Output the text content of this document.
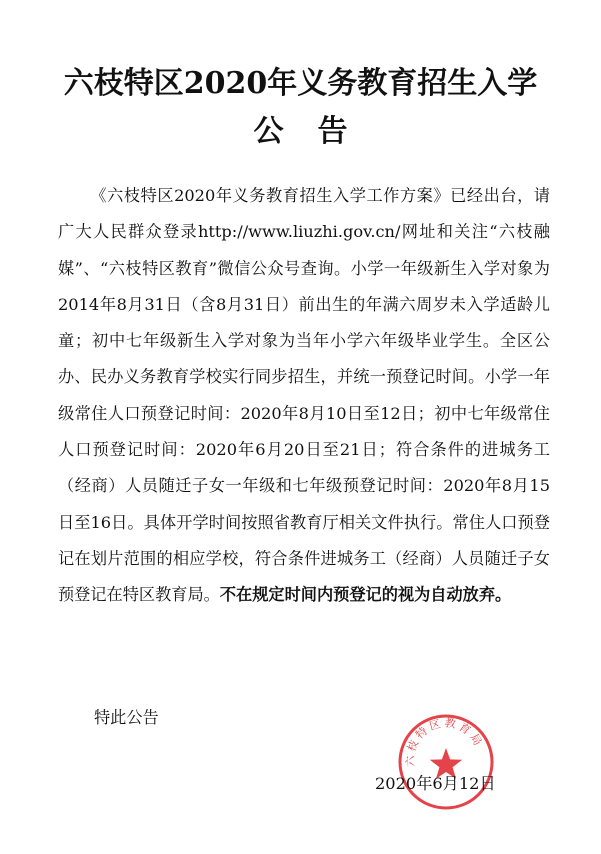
六枝特区2020年义务教育招生入学
公告

《六枝特区2020年义务教育招生入学工作方案》已经出台，请广大人民群众登录http://www.liuzhi.gov.cn/网址和关注“六枝融媒”、“六枝特区教育”微信公众号查询。小学一年级新生入学对象为2014年8月31日（含8月31日）前出生的年满六周岁未入学适龄儿童；初中七年级新生入学对象为当年小学六年级毕业学生。全区公办、民办义务教育学校实行同步招生，并统一预登记时间。小学一年级常住人口预登记时间：2020年8月10日至12日；初中七年级常住人口预登记时间：2020年6月20日至21日；符合条件的进城务工（经商）人员随迁子女一年级和七年级预登记时间：2020年8月15日至16日。具体开学时间按照省教育厅相关文件执行。常住人口预登记在划片范围的相应学校，符合条件进城务工（经商）人员随迁子女预登记在特区教育局。不在规定时间内预登记的视为自动放弃。

特此公告
六枝特区教育局
2020年6月12日
